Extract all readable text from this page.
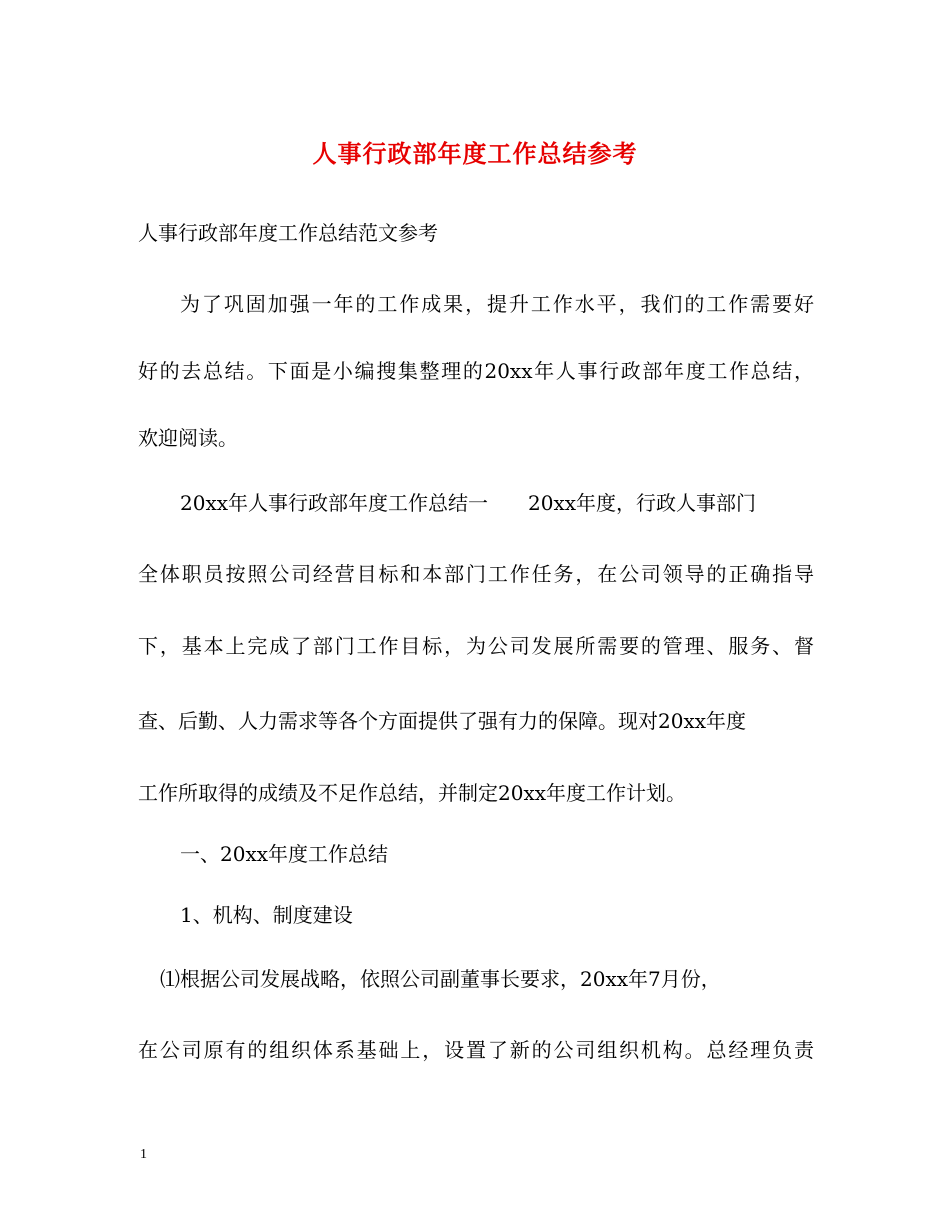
人事行政部年度工作总结参考
人事行政部年度工作总结范文参考
为了巩固加强一年的工作成果，提升工作水平，我们的工作需要好
好的去总结。下面是小编搜集整理的20xx年人事行政部年度工作总结，
欢迎阅读。
20xx年人事行政部年度工作总结一 20xx年度，行政人事部门
全体职员按照公司经营目标和本部门工作任务，在公司领导的正确指导
下，基本上完成了部门工作目标，为公司发展所需要的管理、服务、督
查、后勤、人力需求等各个方面提供了强有力的保障。现对20xx年度
工作所取得的成绩及不足作总结，并制定20xx年度工作计划。
一、20xx年度工作总结
1、机构、制度建设
⑴根据公司发展战略，依照公司副董事长要求，20xx年7月份，
在公司原有的组织体系基础上，设置了新的公司组织机构。总经理负责
1
